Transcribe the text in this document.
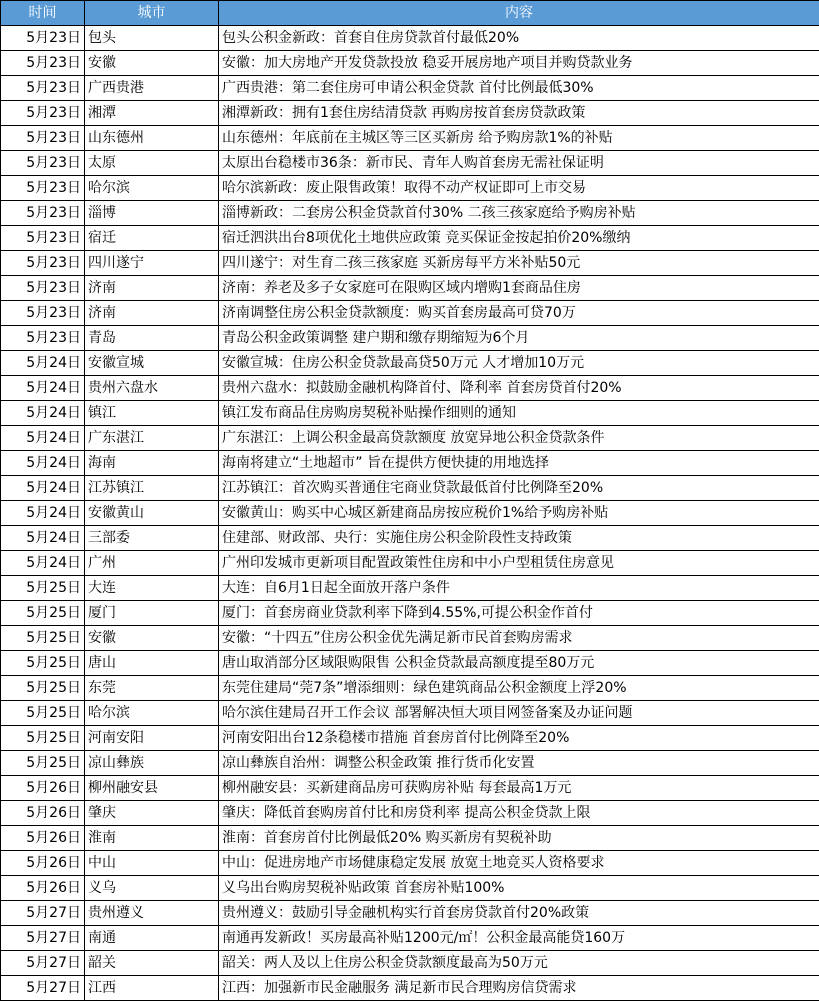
时间	城市	内容
5月23日	包头	包头公积金新政：首套自住房贷款首付最低20%
5月23日	安徽	安徽：加大房地产开发贷款投放 稳妥开展房地产项目并购贷款业务
5月23日	广西贵港	广西贵港：第二套住房可申请公积金贷款 首付比例最低30%
5月23日	湘潭	湘潭新政：拥有1套住房结清贷款 再购房按首套房贷款政策
5月23日	山东德州	山东德州：年底前在主城区等三区买新房 给予购房款1%的补贴
5月23日	太原	太原出台稳楼市36条：新市民、青年人购首套房无需社保证明
5月23日	哈尔滨	哈尔滨新政：废止限售政策！取得不动产权证即可上市交易
5月23日	淄博	淄博新政：二套房公积金贷款首付30% 二孩三孩家庭给予购房补贴
5月23日	宿迁	宿迁泗洪出台8项优化土地供应政策 竞买保证金按起拍价20%缴纳
5月23日	四川遂宁	四川遂宁：对生育二孩三孩家庭 买新房每平方米补贴50元
5月23日	济南	济南：养老及多子女家庭可在限购区域内增购1套商品住房
5月23日	济南	济南调整住房公积金贷款额度：购买首套房最高可贷70万
5月23日	青岛	青岛公积金政策调整 建户期和缴存期缩短为6个月
5月24日	安徽宣城	安徽宣城：住房公积金贷款最高贷50万元 人才增加10万元
5月24日	贵州六盘水	贵州六盘水：拟鼓励金融机构降首付、降利率 首套房贷首付20%
5月24日	镇江	镇江发布商品住房购房契税补贴操作细则的通知
5月24日	广东湛江	广东湛江：上调公积金最高贷款额度 放宽异地公积金贷款条件
5月24日	海南	海南将建立“土地超市” 旨在提供方便快捷的用地选择
5月24日	江苏镇江	江苏镇江：首次购买普通住宅商业贷款最低首付比例降至20%
5月24日	安徽黄山	安徽黄山：购买中心城区新建商品房按应税价1%给予购房补贴
5月24日	三部委	住建部、财政部、央行：实施住房公积金阶段性支持政策
5月24日	广州	广州印发城市更新项目配置政策性住房和中小户型租赁住房意见
5月25日	大连	大连：自6月1日起全面放开落户条件
5月25日	厦门	厦门：首套房商业贷款利率下降到4.55%,可提公积金作首付
5月25日	安徽	安徽：“十四五”住房公积金优先满足新市民首套购房需求
5月25日	唐山	唐山取消部分区域限购限售 公积金贷款最高额度提至80万元
5月25日	东莞	东莞住建局“莞7条”增添细则：绿色建筑商品公积金额度上浮20%
5月25日	哈尔滨	哈尔滨住建局召开工作会议 部署解决恒大项目网签备案及办证问题
5月25日	河南安阳	河南安阳出台12条稳楼市措施 首套房首付比例降至20%
5月25日	凉山彝族	凉山彝族自治州：调整公积金政策 推行货币化安置
5月26日	柳州融安县	柳州融安县：买新建商品房可获购房补贴 每套最高1万元
5月26日	肇庆	肇庆：降低首套购房首付比和房贷利率 提高公积金贷款上限
5月26日	淮南	淮南：首套房首付比例最低20% 购买新房有契税补助
5月26日	中山	中山：促进房地产市场健康稳定发展 放宽土地竞买人资格要求
5月26日	义乌	义乌出台购房契税补贴政策 首套房补贴100%
5月27日	贵州遵义	贵州遵义：鼓励引导金融机构实行首套房贷款首付20%政策
5月27日	南通	南通再发新政！买房最高补贴1200元/㎡！公积金最高能贷160万
5月27日	韶关	韶关：两人及以上住房公积金贷款额度最高为50万元
5月27日	江西	江西：加强新市民金融服务 满足新市民合理购房信贷需求
